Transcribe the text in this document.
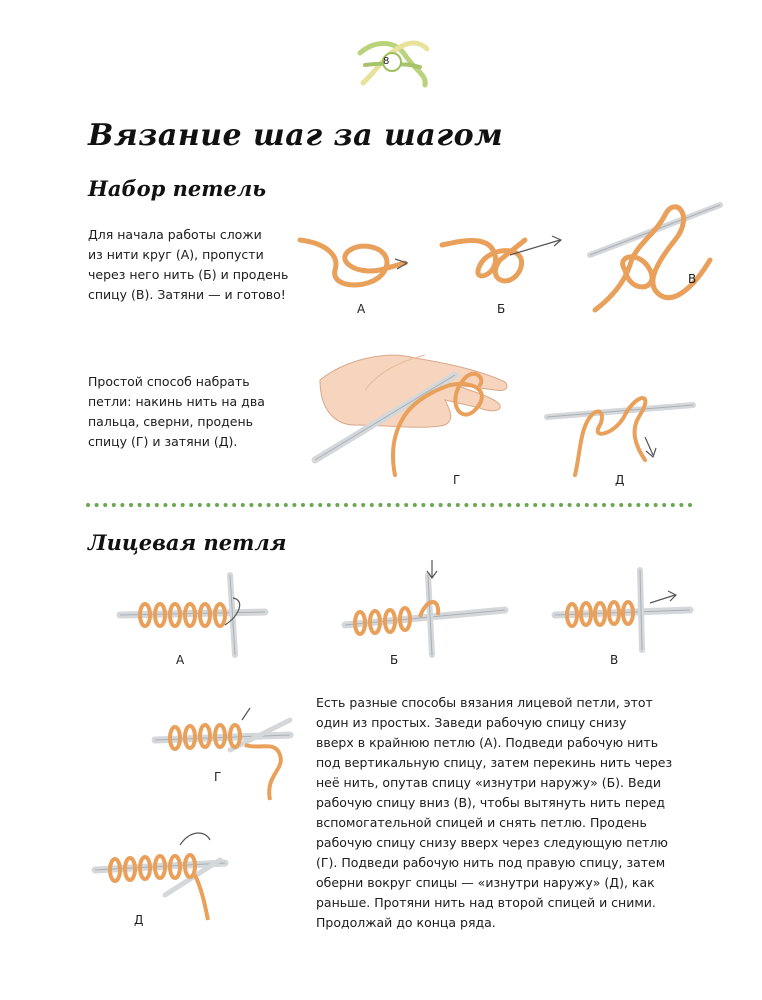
8
Вязание шаг за шагом
Набор петель
Для начала работы сложи
из нити круг (А), пропусти
через него нить (Б) и продень
спицу (В). Затяни — и готово!
А	Б
В
Простой способ набрать
петли: накинь нить на два
пальца, сверни, продень
спицу (Г) и затяни (Д).
Г	Д
Лицевая петля
А	Б	В
Г
Д
Есть разные способы вязания лицевой петли, этот
один из простых. Заведи рабочую спицу снизу
вверх в крайнюю петлю (А). Подведи рабочую нить
под вертикальную спицу, затем перекинь нить через
неё нить, опутав спицу «изнутри наружу» (Б). Веди
рабочую спицу вниз (В), чтобы вытянуть нить перед
вспомогательной спицей и снять петлю. Продень
рабочую спицу снизу вверх через следующую петлю
(Г). Подведи рабочую нить под правую спицу, затем
оберни вокруг спицы — «изнутри наружу» (Д), как
раньше. Протяни нить над второй спицей и сними.
Продолжай до конца ряда.
